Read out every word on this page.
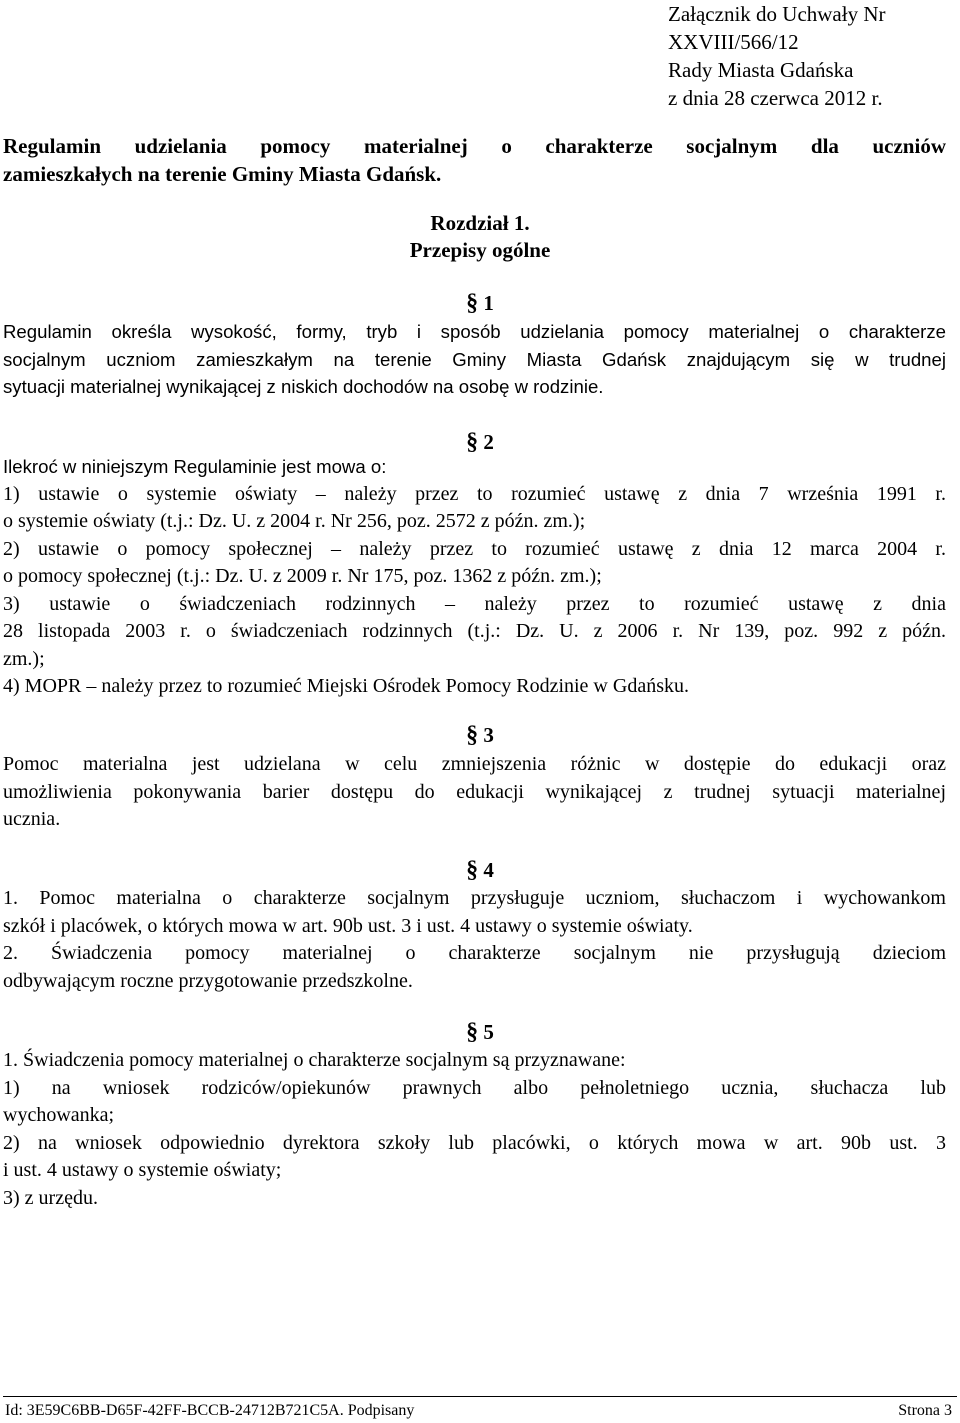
Załącznik do Uchwały Nr
XXVIII/566/12
Rady Miasta Gdańska
z dnia 28 czerwca 2012 r.
Regulamin udzielania pomocy materialnej o charakterze socjalnym dla uczniów
zamieszkałych na terenie Gminy Miasta Gdańsk.
Rozdział 1.
Przepisy ogólne
§ 1
Regulamin określa wysokość, formy, tryb i sposób udzielania pomocy materialnej o charakterze
socjalnym uczniom zamieszkałym na terenie Gminy Miasta Gdańsk znajdującym się w trudnej
sytuacji materialnej wynikającej z niskich dochodów na osobę w rodzinie.
§ 2
Ilekroć w niniejszym Regulaminie jest mowa o:
1) ustawie o systemie oświaty – należy przez to rozumieć ustawę z dnia 7 września 1991 r.
o systemie oświaty (t.j.: Dz. U. z 2004 r. Nr 256, poz. 2572 z późn. zm.);
2) ustawie o pomocy społecznej – należy przez to rozumieć ustawę z dnia 12 marca 2004 r.
o pomocy społecznej (t.j.: Dz. U. z 2009 r. Nr 175, poz. 1362 z późn. zm.);
3) ustawie o świadczeniach rodzinnych – należy przez to rozumieć ustawę z dnia
28 listopada 2003 r. o świadczeniach rodzinnych (t.j.: Dz. U. z 2006 r. Nr 139, poz. 992 z późn.
zm.);
4) MOPR – należy przez to rozumieć Miejski Ośrodek Pomocy Rodzinie w Gdańsku.
§ 3
Pomoc materialna jest udzielana w celu zmniejszenia różnic w dostępie do edukacji oraz
umożliwienia pokonywania barier dostępu do edukacji wynikającej z trudnej sytuacji materialnej
ucznia.
§ 4
1. Pomoc materialna o charakterze socjalnym przysługuje uczniom, słuchaczom i wychowankom
szkół i placówek, o których mowa w art. 90b ust. 3 i ust. 4 ustawy o systemie oświaty.
2. Świadczenia pomocy materialnej o charakterze socjalnym nie przysługują dzieciom
odbywającym roczne przygotowanie przedszkolne.
§ 5
1. Świadczenia pomocy materialnej o charakterze socjalnym są przyznawane:
1) na wniosek rodziców/opiekunów prawnych albo pełnoletniego ucznia, słuchacza lub
wychowanka;
2) na wniosek odpowiednio dyrektora szkoły lub placówki, o których mowa w art. 90b ust. 3
i ust. 4 ustawy o systemie oświaty;
3) z urzędu.
Id: 3E59C6BB-D65F-42FF-BCCB-24712B721C5A. Podpisany	Strona 3
